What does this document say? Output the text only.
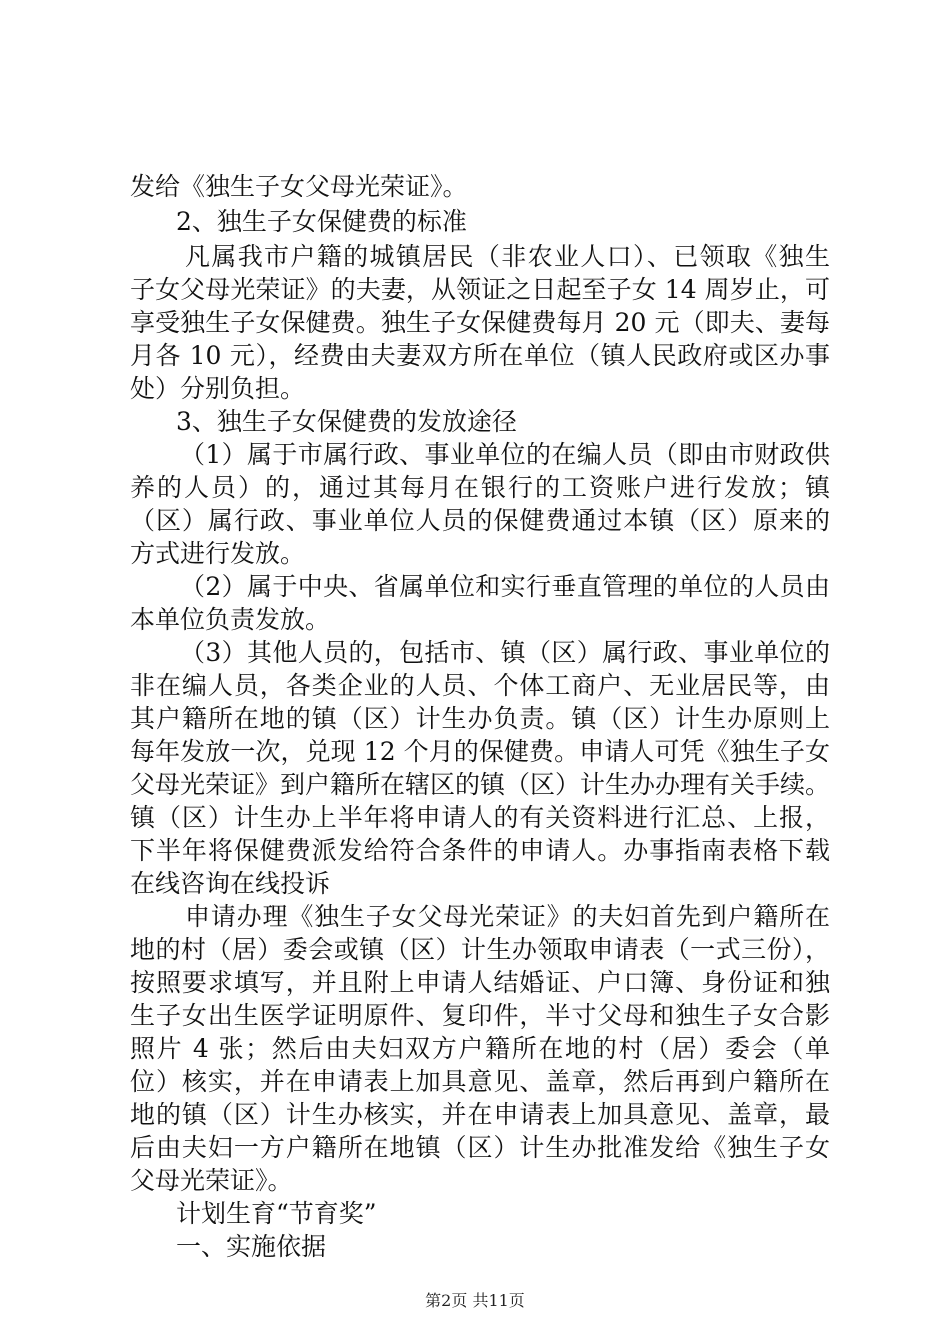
发给《独生子女父母光荣证》。
2、独生子女保健费的标准
凡属我市户籍的城镇居民（非农业人口）、已领取《独生
子女父母光荣证》的夫妻，从领证之日起至子女 14 周岁止，可
享受独生子女保健费。独生子女保健费每月 20 元（即夫、妻每
月各 10 元），经费由夫妻双方所在单位（镇人民政府或区办事
处）分别负担。
3、独生子女保健费的发放途径
（1）属于市属行政、事业单位的在编人员（即由市财政供
养的人员）的，通过其每月在银行的工资账户进行发放；镇
（区）属行政、事业单位人员的保健费通过本镇（区）原来的
方式进行发放。
（2）属于中央、省属单位和实行垂直管理的单位的人员由
本单位负责发放。
（3）其他人员的，包括市、镇（区）属行政、事业单位的
非在编人员，各类企业的人员、个体工商户、无业居民等，由
其户籍所在地的镇（区）计生办负责。镇（区）计生办原则上
每年发放一次，兑现 12 个月的保健费。申请人可凭《独生子女
父母光荣证》到户籍所在辖区的镇（区）计生办办理有关手续。
镇（区）计生办上半年将申请人的有关资料进行汇总、上报，
下半年将保健费派发给符合条件的申请人。办事指南表格下载
在线咨询在线投诉
申请办理《独生子女父母光荣证》的夫妇首先到户籍所在
地的村（居）委会或镇（区）计生办领取申请表（一式三份），
按照要求填写，并且附上申请人结婚证、户口簿、身份证和独
生子女出生医学证明原件、复印件，半寸父母和独生子女合影
照片 4 张；然后由夫妇双方户籍所在地的村（居）委会（单
位）核实，并在申请表上加具意见、盖章，然后再到户籍所在
地的镇（区）计生办核实，并在申请表上加具意见、盖章，最
后由夫妇一方户籍所在地镇（区）计生办批准发给《独生子女
父母光荣证》。
计划生育“节育奖”
一、实施依据
第2页 共11页
